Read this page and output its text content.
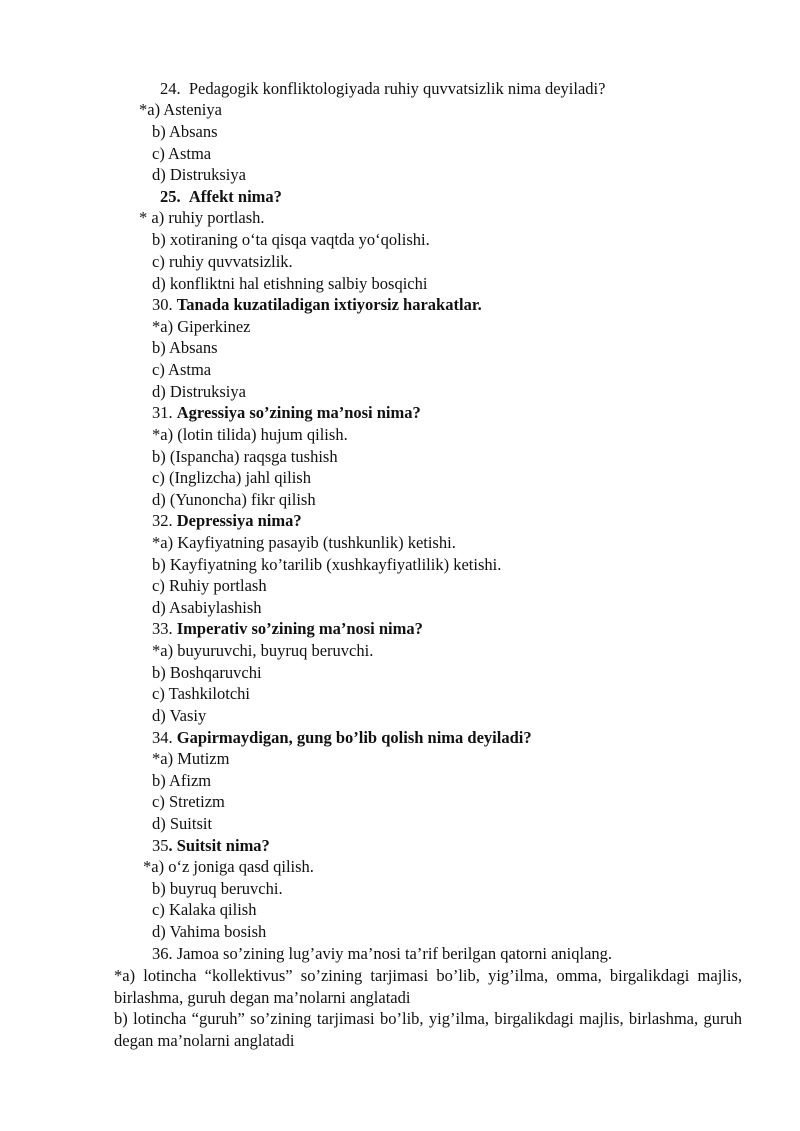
24. Pedagogik konfliktologiyada ruhiy quvvatsizlik nima deyiladi?
*a) Asteniya
b) Absans
c) Astma
d) Distruksiya
25. Affekt nima?
* a) ruhiy portlash.
b) xotiraning o‘ta qisqa vaqtda yo‘qolishi.
c) ruhiy quvvatsizlik.
d) konfliktni hal etishning salbiy bosqichi
30. Tanada kuzatiladigan ixtiyorsiz harakatlar.
*a) Giperkinez
b) Absans
c) Astma
d) Distruksiya
31. Agressiya so’zining ma’nosi nima?
*a) (lotin tilida) hujum qilish.
b) (Ispancha) raqsga tushish
c) (Inglizcha) jahl qilish
d) (Yunoncha) fikr qilish
32. Depressiya nima?
*a) Kayfiyatning pasayib (tushkunlik) ketishi.
b) Kayfiyatning ko’tarilib (xushkayfiyatlilik) ketishi.
c) Ruhiy portlash
d) Asabiylashish
33. Imperativ so’zining ma’nosi nima?
*a) buyuruvchi, buyruq beruvchi.
b) Boshqaruvchi
c) Tashkilotchi
d) Vasiy
34. Gapirmaydigan, gung bo’lib qolish nima deyiladi?
*a) Mutizm
b) Afizm
c) Stretizm
d) Suitsit
35. Suitsit nima?
*a) o‘z joniga qasd qilish.
b) buyruq beruvchi.
c) Kalaka qilish
d) Vahima bosish
36. Jamoa so’zining lug’aviy ma’nosi ta’rif berilgan qatorni aniqlang.
*a) lotincha “kollektivus” so’zining tarjimasi bo’lib, yig’ilma, omma, birgalikdagi majlis, birlashma, guruh degan ma’nolarni anglatadi
b) lotincha “guruh” so’zining tarjimasi bo’lib, yig’ilma, birgalikdagi majlis, birlashma, guruh degan ma’nolarni anglatadi
